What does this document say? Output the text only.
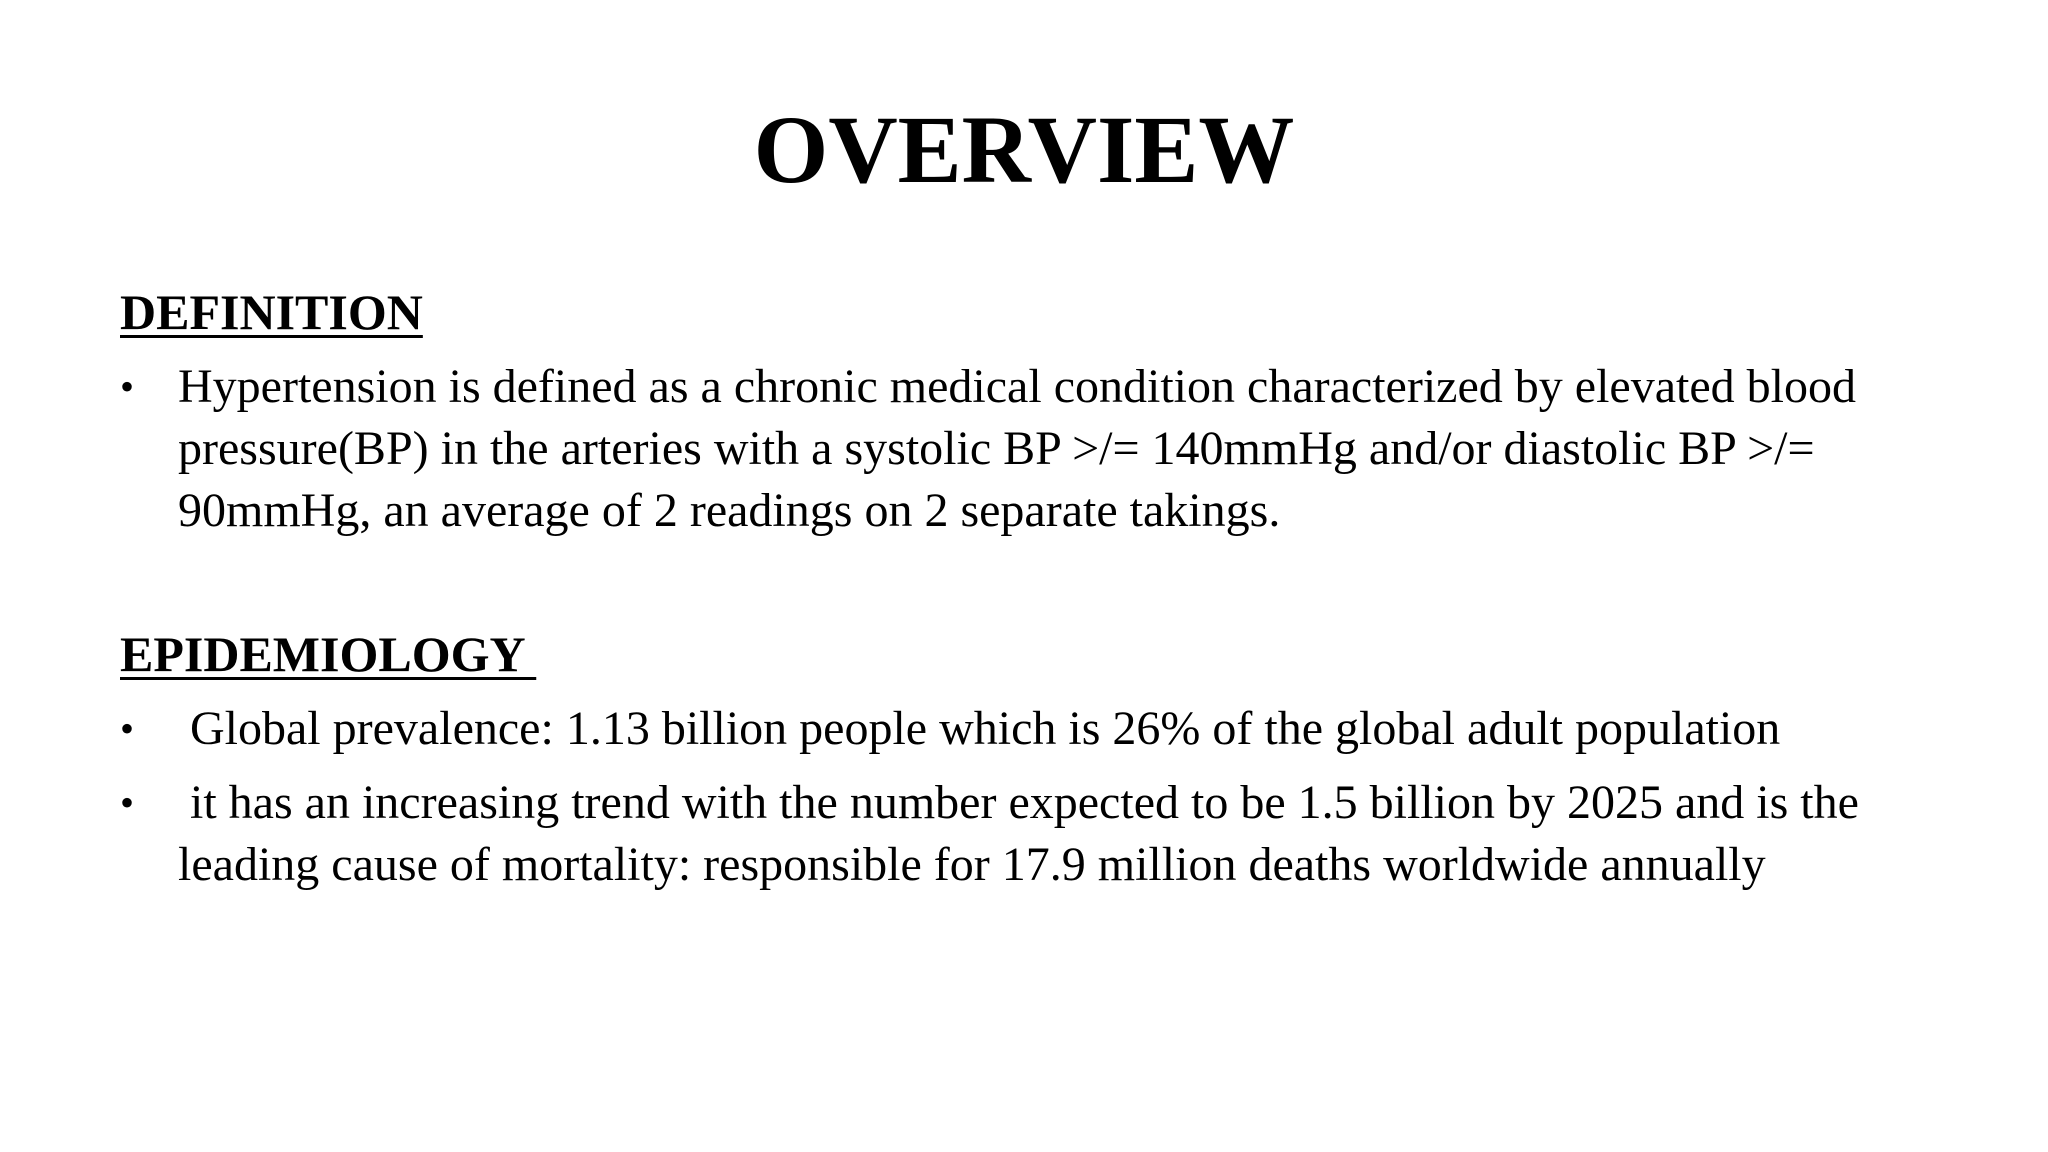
OVERVIEW
DEFINITION
• Hypertension is defined as a chronic medical condition characterized by elevated blood pressure(BP) in the arteries with a systolic BP >/= 140mmHg and/or diastolic BP >/= 90mmHg, an average of 2 readings on 2 separate takings.
EPIDEMIOLOGY
•	Global prevalence: 1.13 billion people which is 26% of the global adult population
•	it has an increasing trend with the number expected to be 1.5 billion by 2025 and is the leading cause of mortality: responsible for 17.9 million deaths worldwide annually
